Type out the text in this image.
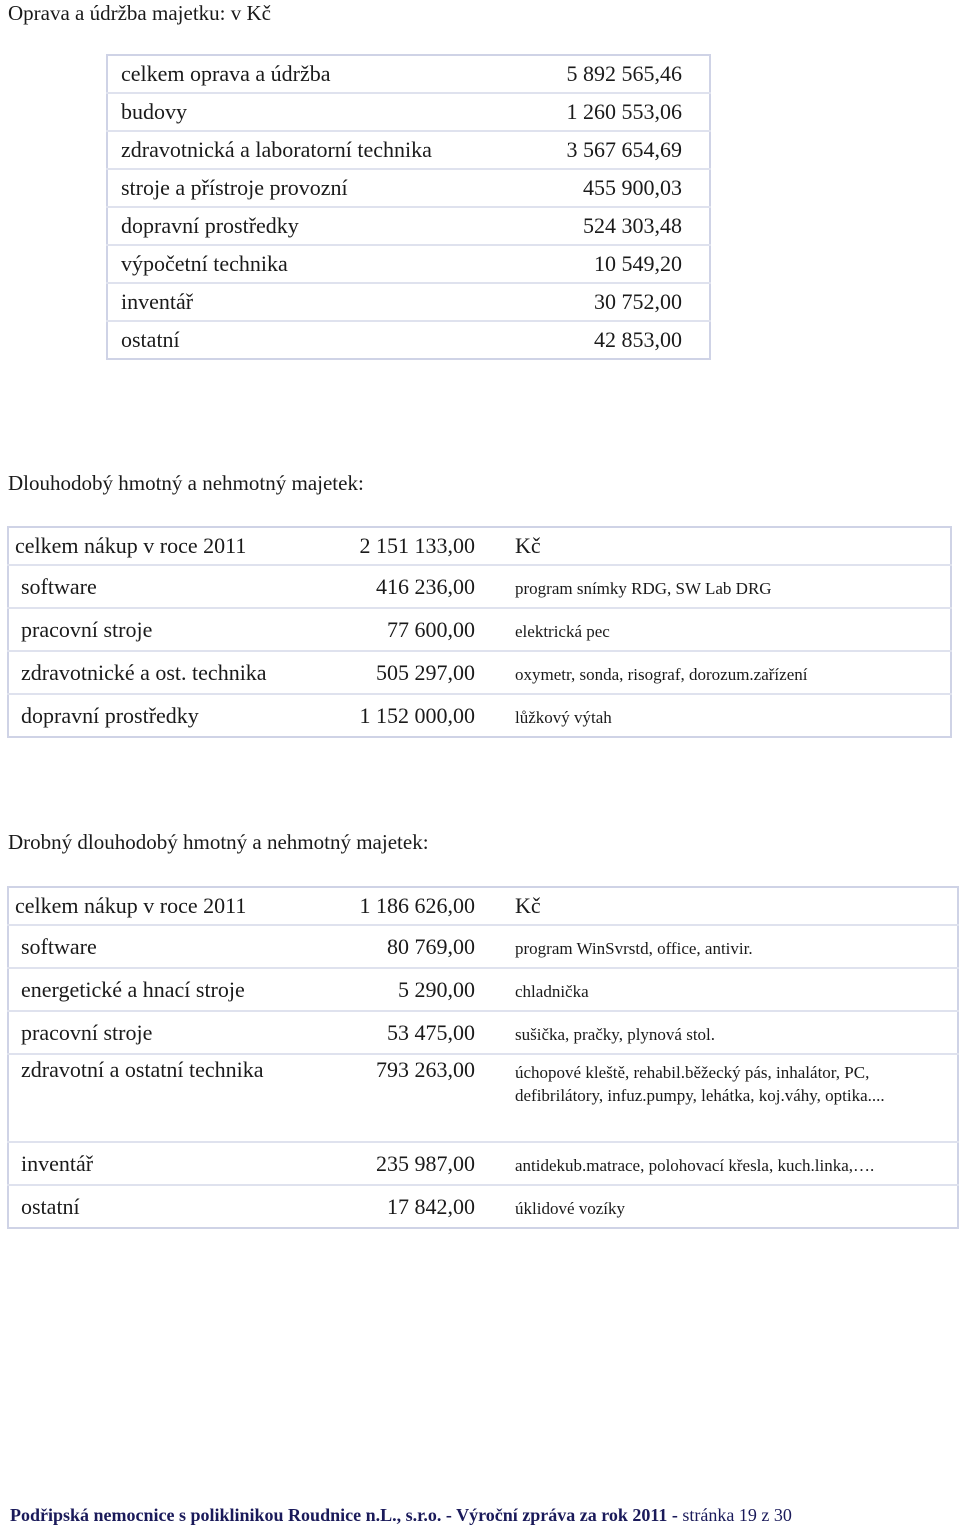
Oprava a údržba majetku: v Kč
celkem oprava a údržba	5 892 565,46
budovy	1 260 553,06
zdravotnická a laboratorní technika	3 567 654,69
stroje a přístroje provozní	455 900,03
dopravní prostředky	524 303,48
výpočetní technika	10 549,20
inventář	30 752,00
ostatní	42 853,00
Dlouhodobý hmotný a nehmotný majetek:
celkem nákup v roce 2011	2 151 133,00	Kč
software	416 236,00	program snímky RDG, SW Lab DRG
pracovní stroje	77 600,00	elektrická pec
zdravotnické a ost. technika	505 297,00	oxymetr, sonda, risograf, dorozum.zařízení
dopravní prostředky	1 152 000,00	lůžkový výtah
Drobný dlouhodobý hmotný a nehmotný majetek:
celkem nákup v roce 2011	1 186 626,00	Kč
software	80 769,00	program WinSvrstd, office, antivir.
energetické a hnací stroje	5 290,00	chladnička
pracovní stroje	53 475,00	sušička, pračky, plynová stol.
zdravotní a ostatní technika	793 263,00	úchopové kleště, rehabil.běžecký pás, inhalátor, PC, defibrilátory, infuz.pumpy, lehátka, koj.váhy, optika....
inventář	235 987,00	antidekub.matrace, polohovací křesla, kuch.linka,….
ostatní	17 842,00	úklidové vozíky
Podřipská nemocnice s poliklinikou Roudnice n.L., s.r.o. - Výroční zpráva za rok 2011 - stránka 19 z 30
